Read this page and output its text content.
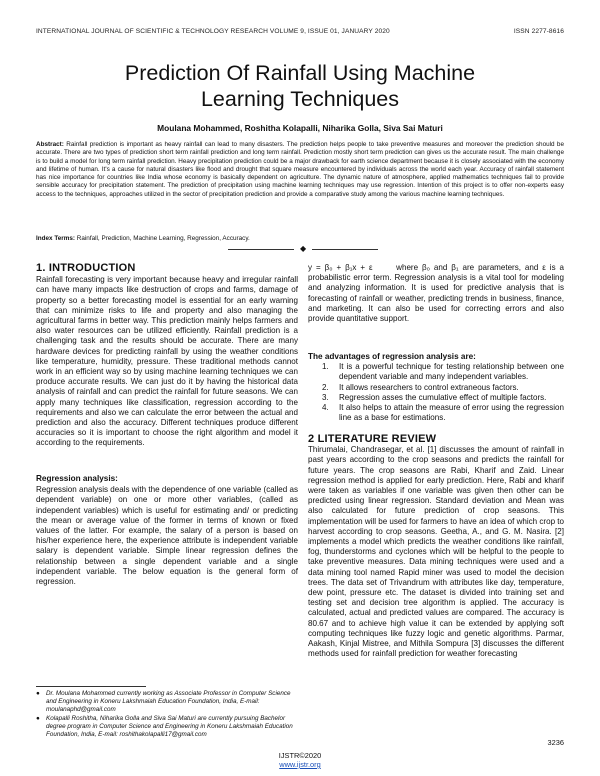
INTERNATIONAL JOURNAL OF SCIENTIFIC & TECHNOLOGY RESEARCH VOLUME 9, ISSUE 01, JANUARY 2020	ISSN 2277-8616
Prediction Of Rainfall Using Machine
Learning Techniques
Moulana Mohammed, Roshitha Kolapalli, Niharika Golla, Siva Sai Maturi
Abstract: Rainfall prediction is important as heavy rainfall can lead to many disasters. The prediction helps people to take preventive measures and moreover the prediction should be accurate. There are two types of prediction short term rainfall prediction and long term rainfall. Prediction mostly short term prediction can gives us the accurate result. The main challenge is to build a model for long term rainfall prediction. Heavy precipitation prediction could be a major drawback for earth science department because it is closely associated with the economy and lifetime of human. It's a cause for natural disasters like flood and drought that square measure encountered by individuals across the world each year. Accuracy of rainfall statement has nice importance for countries like India whose economy is basically dependent on agriculture. The dynamic nature of atmosphere, applied mathematics techniques fail to provide sensible accuracy for precipitation statement. The prediction of precipitation using machine learning techniques may use regression. Intention of this project is to offer non-experts easy access to the techniques, approaches utilized in the sector of precipitation prediction and provide a comparative study among the various machine learning techniques.
Index Terms: Rainfall, Prediction, Machine Learning, Regression, Accuracy.
◆
1. INTRODUCTION
Rainfall forecasting is very important because heavy and irregular rainfall can have many impacts like destruction of crops and farms, damage of property so a better forecasting model is essential for an early warning that can minimize risks to life and property and also managing the agricultural farms in better way. This prediction mainly helps farmers and also water resources can be utilized efficiently. Rainfall prediction is a challenging task and the results should be accurate. There are many hardware devices for predicting rainfall by using the weather conditions like temperature, humidity, pressure. These traditional methods cannot work in an efficient way so by using machine learning techniques we can produce accurate results. We can just do it by having the historical data analysis of rainfall and can predict the rainfall for future seasons. We can apply many techniques like classification, regression according to the requirements and also we can calculate the error between the actual and prediction and also the accuracy. Different techniques produce different accuracies so it is important to choose the right algorithm and model it according to the requirements.
Regression analysis:
Regression analysis deals with the dependence of one variable (called as dependent variable) on one or more other variables, (called as independent variables) which is useful for estimating and/ or predicting the mean or average value of the former in terms of known or fixed values of the latter. For example, the salary of a person is based on his/her experience here, the experience attribute is independent variable salary is dependent variable. Simple linear regression defines the relationship between a single dependent variable and a single independent variable. The below equation is the general form of regression.
● Dr. Moulana Mohammed currently working as Associate Professor in Computer Science and Engineering in Koneru Lakshmaiah Education Foundation, India, E-mail: moulanaphd@gmail.com
● Kolapalli Roshitha, Niharika Golla and Siva Sai Maturi are currently pursuing Bachelor degree program in Computer Science and Engineering in Koneru Lakshmaiah Education Foundation, India, E-mail: roshithakolapalli17@gmail.com
y = β₀ + β₁x + ε	where β₀ and β₁ are parameters, and ε is a probabilistic error term. Regression analysis is a vital tool for modeling and analyzing information. It is used for predictive analysis that is forecasting of rainfall or weather, predicting trends in business, finance, and marketing. It can also be used for correcting errors and also provide quantitative support.
The advantages of regression analysis are:
1. It is a powerful technique for testing relationship between one dependent variable and many independent variables.
2. It allows researchers to control extraneous factors.
3. Regression asses the cumulative effect of multiple factors.
4. It also helps to attain the measure of error using the regression line as a base for estimations.
2 LITERATURE REVIEW
Thirumalai, Chandrasegar, et al. [1] discusses the amount of rainfall in past years according to the crop seasons and predicts the rainfall for future years. The crop seasons are Rabi, Kharif and Zaid. Linear regression method is applied for early prediction. Here, Rabi and kharif were taken as variables if one variable was given then other can be predicted using linear regression. Standard deviation and Mean was also calculated for future prediction of crop seasons. This implementation will be used for farmers to have an idea of which crop to harvest according to crop seasons. Geetha, A., and G. M. Nasira. [2] implements a model which predicts the weather conditions like rainfall, fog, thunderstorms and cyclones which will be helpful to the people to take preventive measures. Data mining techniques were used and a data mining tool named Rapid miner was used to model the decision trees. The data set of Trivandrum with attributes like day, temperature, dew point, pressure etc. The dataset is divided into training set and testing set and decision tree algorithm is applied. The accuracy is calculated, actual and predicted values are compared. The accuracy is 80.67 and to achieve high value it can be extended by applying soft computing techniques like fuzzy logic and genetic algorithms. Parmar, Aakash, Kinjal Mistree, and Mithila Sompura [3] discusses the different methods used for rainfall prediction for weather forecasting
3236
IJSTR©2020
www.ijstr.org
